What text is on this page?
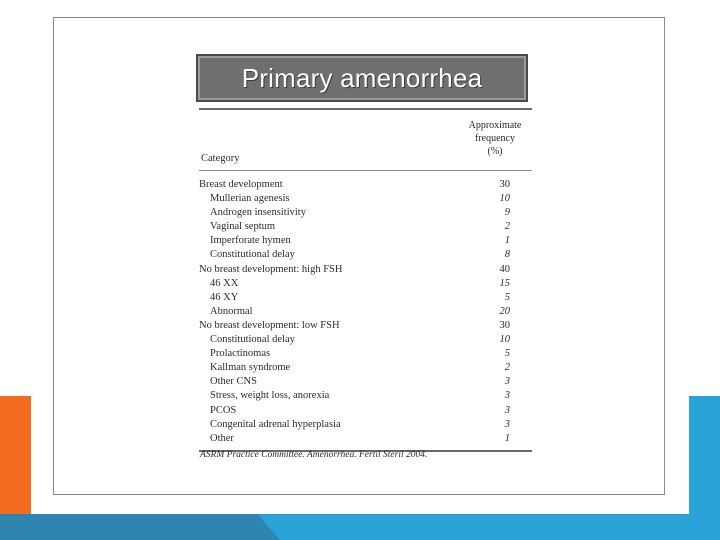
Primary amenorrhea
Category
Approximate
frequency
(%)
Breast development	30
Mullerian agenesis	10
Androgen insensitivity	9
Vaginal septum	2
Imperforate hymen	1
Constitutional delay	8
No breast development: high FSH	40
46 XX	15
46 XY	5
Abnormal	20
No breast development: low FSH	30
Constitutional delay	10
Prolactinomas	5
Kallman syndrome	2
Other CNS	3
Stress, weight loss, anorexia	3
PCOS	3
Congenital adrenal hyperplasia	3
Other	1
ASRM Practice Committee. Amenorrhea. Fertil Steril 2004.
